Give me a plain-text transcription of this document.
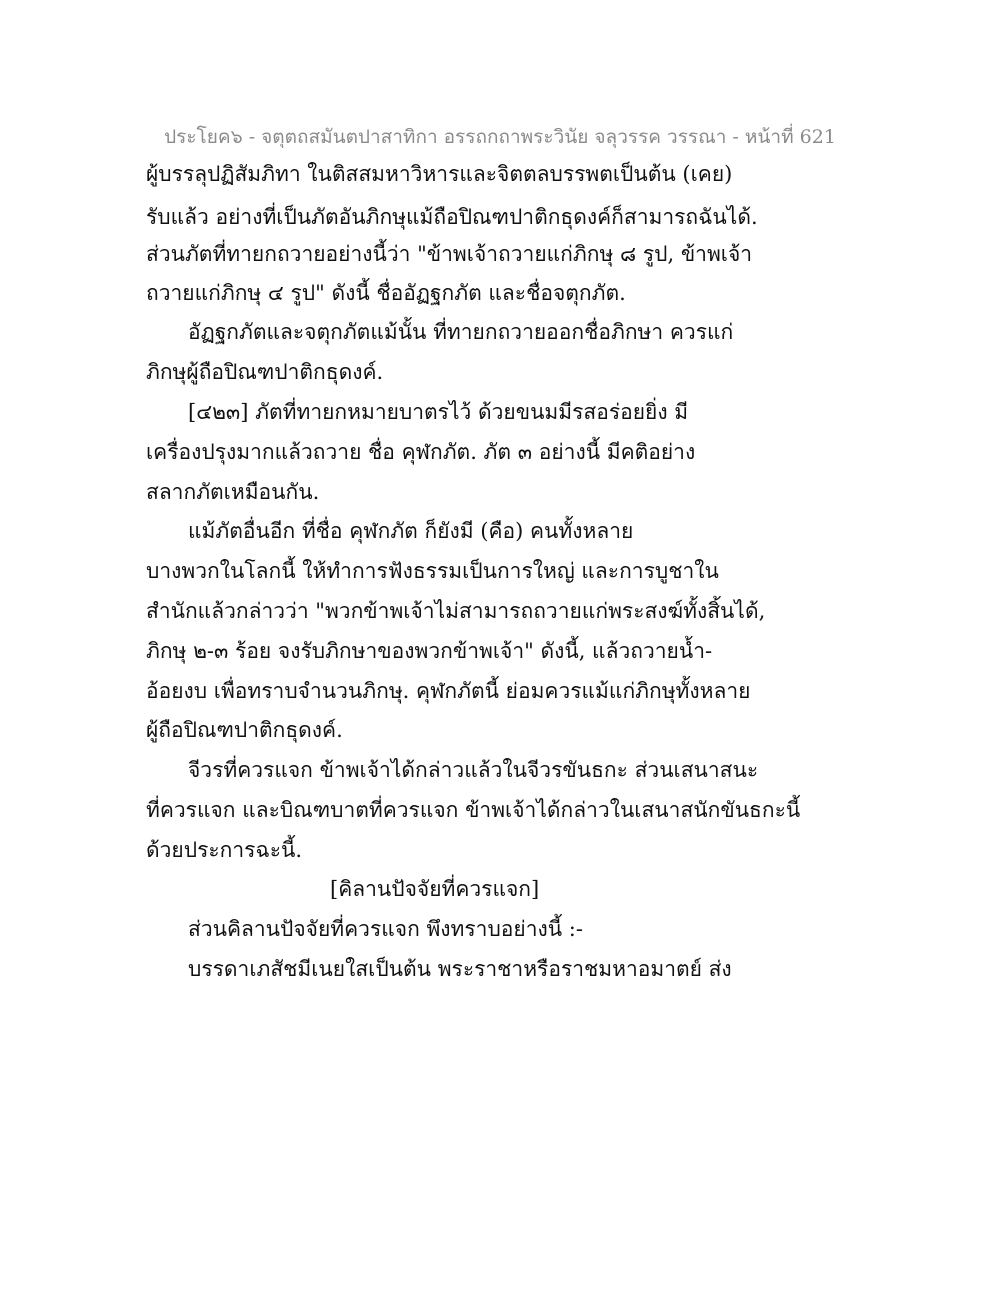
ประโยค๖ - จตุตถสมันตปาสาทิกา อรรถกถาพระวินัย จลุวรรค วรรณา - หน้าที่ 621
ผู้บรรลุปฏิสัมภิทา ในติสสมหาวิหารและจิตตลบรรพตเป็นต้น (เคย)
รับแล้ว อย่างที่เป็นภัตอันภิกษุแม้ถือปิณฑปาติกธุดงค์ก็สามารถฉันได้.
ส่วนภัตที่ทายกถวายอย่างนี้ว่า "ข้าพเจ้าถวายแก่ภิกษุ ๘ รูป, ข้าพเจ้า
ถวายแก่ภิกษุ ๔ รูป" ดังนี้ ชื่ออัฏฐกภัต และชื่อจตุกภัต.
อัฏฐกภัตและจตุกภัตแม้นั้น ที่ทายกถวายออกชื่อภิกษา ควรแก่
ภิกษุผู้ถือปิณฑปาติกธุดงค์.
[๔๒๓] ภัตที่ทายกหมายบาตรไว้ ด้วยขนมมีรสอร่อยยิ่ง มี
เครื่องปรุงมากแล้วถวาย ชื่อ คุฬกภัต. ภัต ๓ อย่างนี้ มีคติอย่าง
สลากภัตเหมือนกัน.
แม้ภัตอื่นอีก ที่ชื่อ คุฬกภัต ก็ยังมี (คือ) คนทั้งหลาย
บางพวกในโลกนี้ ให้ทำการฟังธรรมเป็นการใหญ่ และการบูชาใน
สำนักแล้วกล่าวว่า "พวกข้าพเจ้าไม่สามารถถวายแก่พระสงฆ์ทั้งสิ้นได้,
ภิกษุ ๒-๓ ร้อย จงรับภิกษาของพวกข้าพเจ้า" ดังนี้, แล้วถวายน้ำ-
อ้อยงบ เพื่อทราบจำนวนภิกษุ. คุฬกภัตนี้ ย่อมควรแม้แก่ภิกษุทั้งหลาย
ผู้ถือปิณฑปาติกธุดงค์.
จีวรที่ควรแจก ข้าพเจ้าได้กล่าวแล้วในจีวรขันธกะ ส่วนเสนาสนะ
ที่ควรแจก และบิณฑบาตที่ควรแจก ข้าพเจ้าได้กล่าวในเสนาสนักขันธกะนี้
ด้วยประการฉะนี้.
[คิลานปัจจัยที่ควรแจก]
ส่วนคิลานปัจจัยที่ควรแจก พึงทราบอย่างนี้ :-
บรรดาเภสัชมีเนยใสเป็นต้น พระราชาหรือราชมหาอมาตย์ ส่ง
